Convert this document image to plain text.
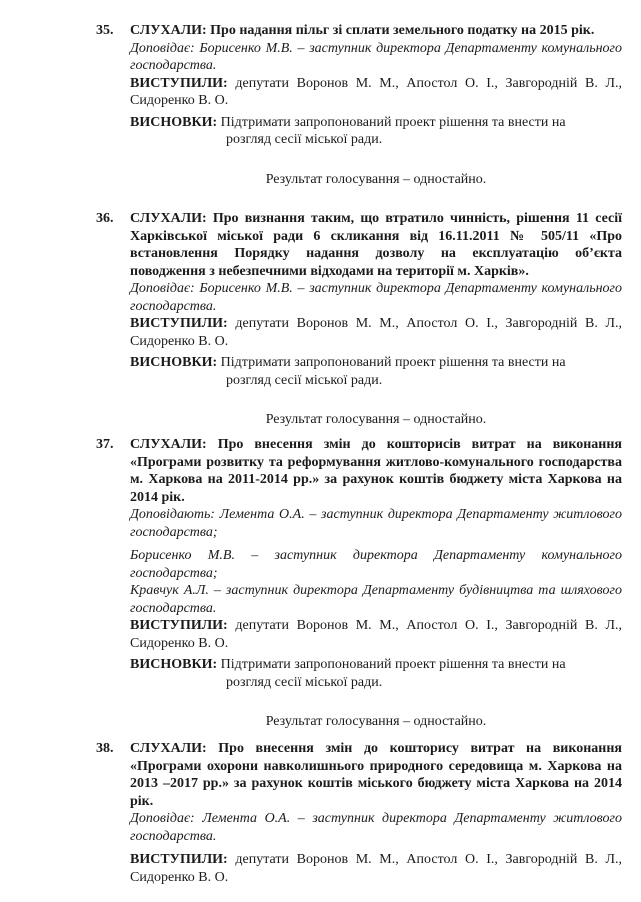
35.	СЛУХАЛИ: Про надання пільг зі сплати земельного податку на 2015 рік.

Доповідає: Борисенко М.В. – заступник директора Департаменту комунального господарства.

ВИСТУПИЛИ: депутати Воронов М. М., Апостол О. І., Завгородній В. Л., Сидоренко В. О.

ВИСНОВКИ: Підтримати запропонований проект рішення та внести на
розгляд сесії міської ради.
Результат голосування – одностайно.
36.	СЛУХАЛИ: Про визнання таким, що втратило чинність, рішення 11 сесії Харківської міської ради 6 скликання від 16.11.2011 № 505/11 «Про встановлення Порядку надання дозволу на експлуатацію об’єкта поводження з небезпечними відходами на території м. Харків».

Доповідає: Борисенко М.В. – заступник директора Департаменту комунального господарства.

ВИСТУПИЛИ: депутати Воронов М. М., Апостол О. І., Завгородній В. Л., Сидоренко В. О.

ВИСНОВКИ: Підтримати запропонований проект рішення та внести на
розгляд сесії міської ради.
Результат голосування – одностайно.
37.	СЛУХАЛИ: Про внесення змін до кошторисів витрат на виконання «Програми розвитку та реформування житлово-комунального господарства м. Харкова на 2011-2014 рр.» за рахунок коштів бюджету міста Харкова на 2014 рік.

Доповідають: Лемента О.А. – заступник директора Департаменту житлового господарства;

Борисенко М.В. – заступник директора Департаменту комунального господарства;

Кравчук А.Л. – заступник директора Департаменту будівництва та шляхового господарства.

ВИСТУПИЛИ: депутати Воронов М. М., Апостол О. І., Завгородній В. Л., Сидоренко В. О.

ВИСНОВКИ: Підтримати запропонований проект рішення та внести на
розгляд сесії міської ради.
Результат голосування – одностайно.
38.	СЛУХАЛИ: Про внесення змін до кошторису витрат на виконання «Програми охорони навколишнього природного середовища м. Харкова на 2013 –2017 рр.» за рахунок коштів міського бюджету міста Харкова на 2014 рік.

Доповідає: Лемента О.А. – заступник директора Департаменту житлового господарства.

ВИСТУПИЛИ: депутати Воронов М. М., Апостол О. І., Завгородній В. Л., Сидоренко В. О.
